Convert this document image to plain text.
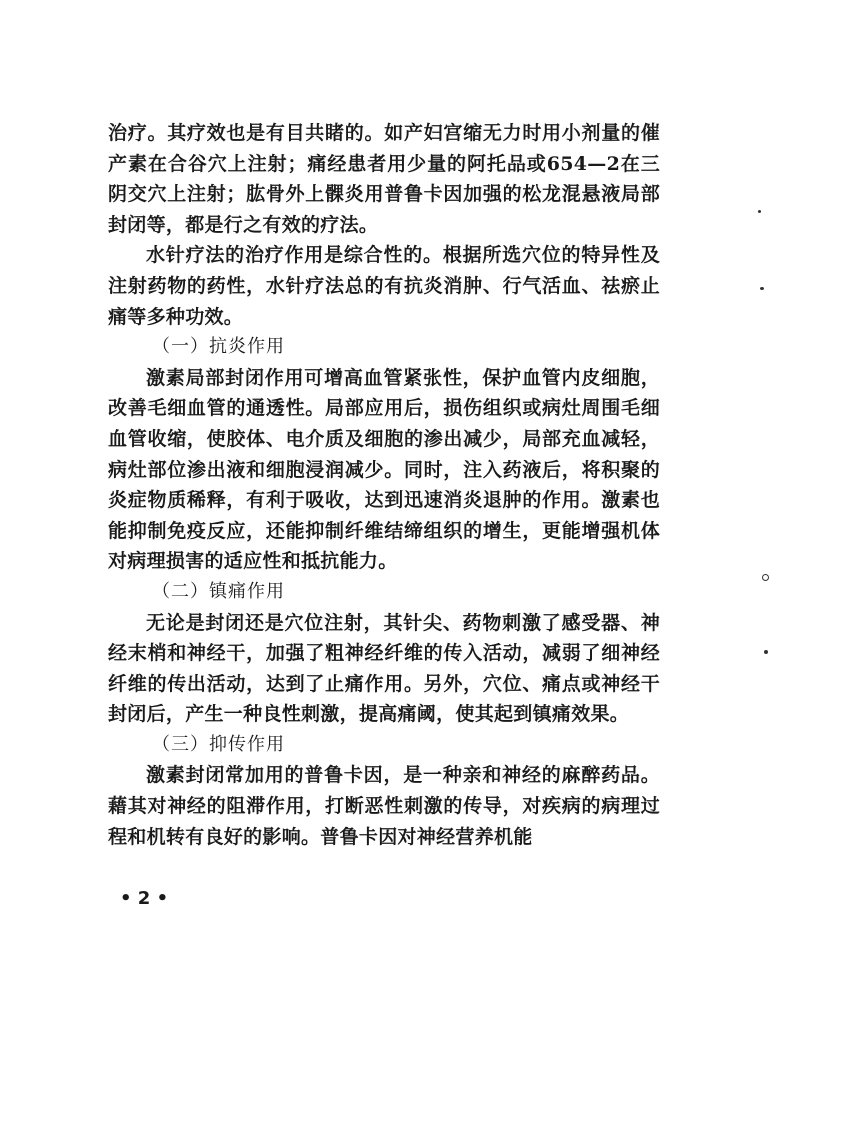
治疗。其疗效也是有目共睹的。如产妇宫缩无力时用小剂量的催产素在合谷穴上注射；痛经患者用少量的阿托品或654—2在三阴交穴上注射；肱骨外上髁炎用普鲁卡因加强的松龙混悬液局部封闭等，都是行之有效的疗法。

水针疗法的治疗作用是综合性的。根据所选穴位的特异性及注射药物的药性，水针疗法总的有抗炎消肿、行气活血、祛瘀止痛等多种功效。

（一）抗炎作用

激素局部封闭作用可增高血管紧张性，保护血管内皮细胞，改善毛细血管的通透性。局部应用后，损伤组织或病灶周围毛细血管收缩，使胶体、电介质及细胞的渗出减少，局部充血减轻，病灶部位渗出液和细胞浸润减少。同时，注入药液后，将积聚的炎症物质稀释，有利于吸收，达到迅速消炎退肿的作用。激素也能抑制免疫反应，还能抑制纤维结缔组织的增生，更能增强机体对病理损害的适应性和抵抗能力。

（二）镇痛作用

无论是封闭还是穴位注射，其针尖、药物刺激了感受器、神经末梢和神经干，加强了粗神经纤维的传入活动，减弱了细神经纤维的传出活动，达到了止痛作用。另外，穴位、痛点或神经干封闭后，产生一种良性刺激，提高痛阈，使其起到镇痛效果。

（三）抑传作用

激素封闭常加用的普鲁卡因，是一种亲和神经的麻醉药品。藉其对神经的阻滞作用，打断恶性刺激的传导，对疾病的病理过程和机转有良好的影响。普鲁卡因对神经营养机能

• 2 •
